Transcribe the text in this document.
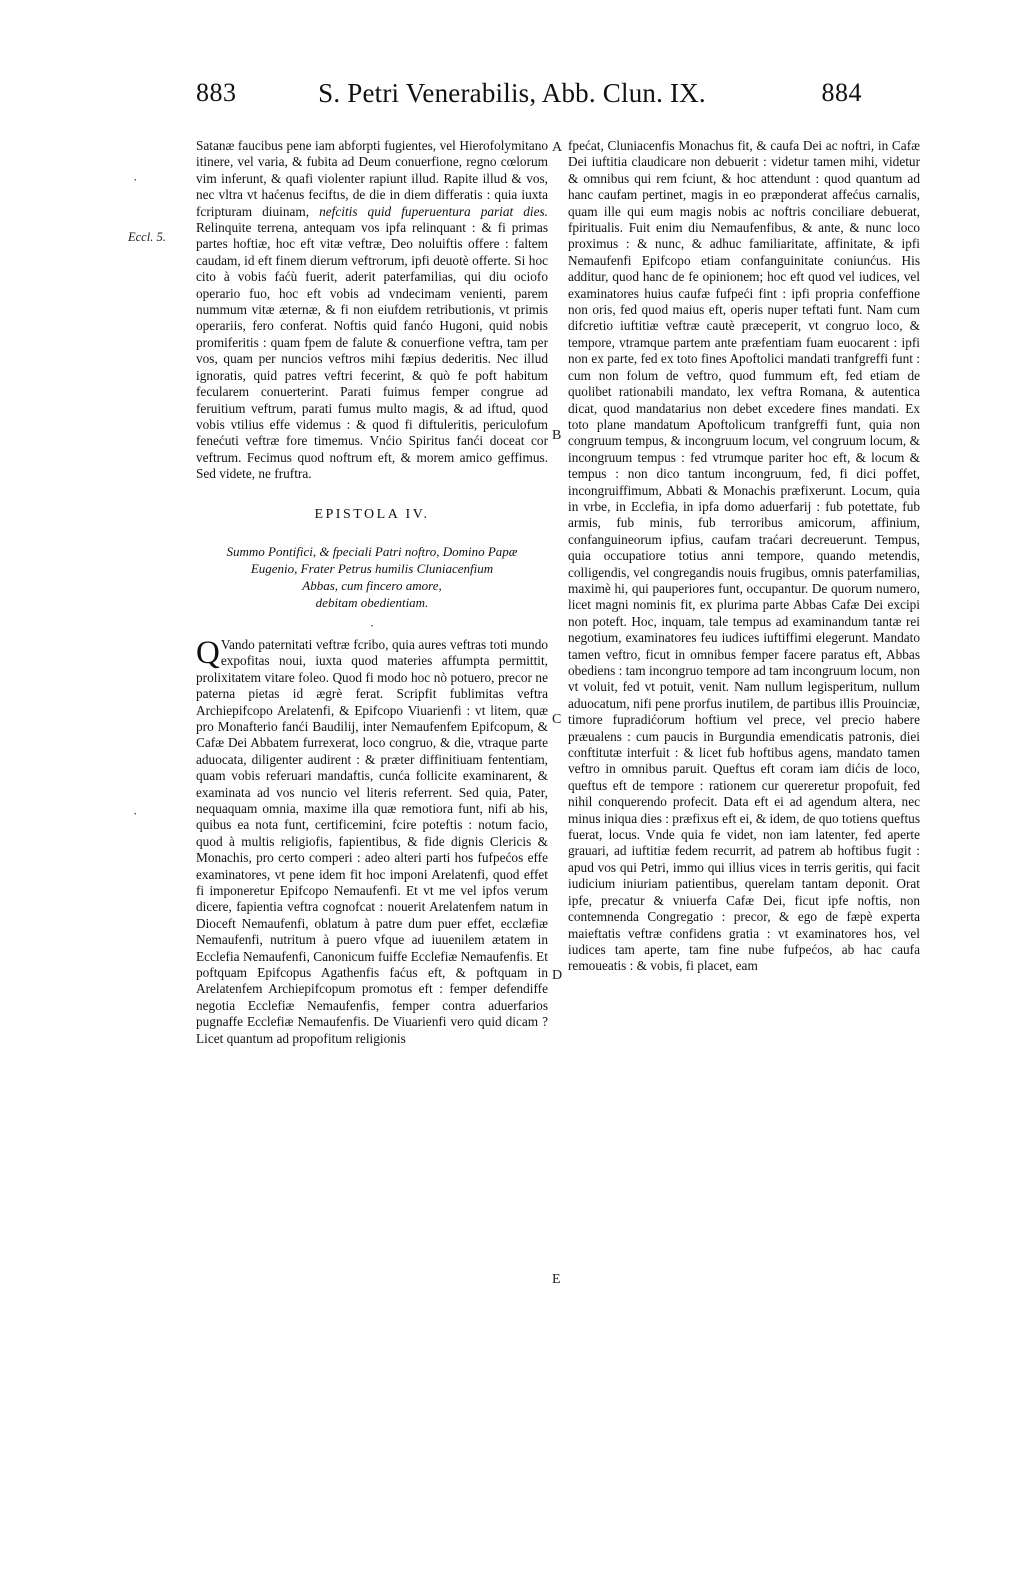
883	S. Petri Venerabilis, Abb. Clun. IX.	884
·
Eccl. 5.
·
A
B
C
D
E

Satanæ faucibus pene iam abforpti fugientes, vel Hierofolymitano itinere, vel varia, & fubita ad Deum conuerfione, regno cœlorum vim inferunt, & quafi violenter rapiunt illud. Rapite illud & vos, nec vltra vt haćenus feciftıs, de die in diem differatis : quia iuxta fcripturam diuinam, nefcitis quid fuperuentura pariat dies. Relinquite terrena, antequam vos ipfa relinquant : & fi primas partes hoftiæ, hoc eft vitæ veftræ, Deo noluiftis offere : faltem caudam, id eft finem dierum veftrorum, ipfi deuotè offerte. Si hoc cito à vobis faćù fuerit, aderit paterfamilias, qui diu ociofo operario fuo, hoc eft vobis ad vndecimam venienti, parem nummum vitæ æternæ, & fi non eiufdem retributionis, vt primis operariis, fero conferat. Noftis quid fanćo Hugoni, quid nobis promiferitis : quam fpem de falute & conuerfione veftra, tam per vos, quam per nuncios veftros mihi fæpius dederitis. Nec illud ignoratis, quid patres veftri fecerint, & quò fe poft habitum fecularem conuerterint. Parati fuimus femper congrue ad feruitium veftrum, parati fumus multo magis, & ad iftud, quod vobis vtilius effe videmus : & quod fi diftuleritis, periculofum fenećuti veftræ fore timemus. Vnćio Spiritus fanći doceat cor veftrum. Fecimus quod noftrum eft, & morem amico geffimus. Sed videte, ne fruftra.

EPISTOLA IV.
Summo Pontifici, & fpeciali Patri noftro, Domino Papæ
Eugenio, Frater Petrus humilis Cluniacenfium
Abbas, cum fincero amore,
debitam obedientiam.
·

Q Vando paternitati veftræ fcribo, quia aures veftras toti mundo expofitas noui, iuxta quod materies affumpta permittit, prolixitatem vitare foleo. Quod fi modo hoc nò potuero, precor ne paterna pietas id ægrè ferat. Scripfit fublimitas veftra Archiepifcopo Arelatenfi, & Epifcopo Viuarienfi : vt litem, quæ pro Monafterio fanći Baudilij, inter Nemaufenfem Epifcopum, & Cafæ Dei Abbatem furrexerat, loco congruo, & die, vtraque parte aduocata, diligenter audirent : & præter diffinitiuam fententiam, quam vobis referuari mandaftis, cunća follicite examinarent, & examinata ad vos nuncio vel literis referrent. Sed quia, Pater, nequaquam omnia, maxime illa quæ remotiora funt, nifi ab his, quibus ea nota funt, certificemini, fcire poteftis : notum facio, quod à multis religiofis, fapientibus, & fide dignis Clericis & Monachis, pro certo comperi : adeo alteri parti hos fufpećos effe examinatores, vt pene idem fit hoc imponi Arelatenfi, quod effet fi imponeretur Epifcopo Nemaufenfi. Et vt me vel ipfos verum dicere, fapientia veftra cognofcat : nouerit Arelatenfem natum in Dioceft Nemaufenfi, oblatum à patre dum puer effet, ecclæfiæ Nemaufenfi, nutritum à puero vfque ad iuuenilem ætatem in Ecclefia Nemaufenfi, Canonicum fuiffe Ecclefiæ Nemaufenfis. Et poftquam Epifcopus Agathenfis faćus eft, & poftquam in Arelatenfem Archiepifcopum promotus eft : femper defendiffe negotia Ecclefiæ Nemaufenfis, femper contra aduerfarios pugnaffe Ecclefiæ Nemaufenfis. De Viuarienfi vero quid dicam ? Licet quantum ad propofitum religionis

fpećat, Cluniacenfis Monachus fit, & caufa Dei ac noftri, in Cafæ Dei iuftitia claudicare non debuerit : videtur tamen mihi, videtur & omnibus qui rem fciunt, & hoc attendunt : quod quantum ad hanc caufam pertinet, magis in eo præponderat affećus carnalis, quam ille qui eum magis nobis ac noftris conciliare debuerat, fpiritualis. Fuit enim diu Nemaufenfibus, & ante, & nunc loco proximus : & nunc, & adhuc familiaritate, affinitate, & ipfi Nemaufenfi Epifcopo etiam confanguinitate coniunćus. His additur, quod hanc de fe opinionem; hoc eft quod vel iudices, vel examinatores huius caufæ fufpeći fint : ipfi propria confeffione non oris, fed quod maius eft, operis nuper teftati funt. Nam cum difcretio iuftitiæ veftræ cautè præceperit, vt congruo loco, & tempore, vtramque partem ante præfentiam fuam euocarent : ipfi non ex parte, fed ex toto fines Apoftolici mandati tranfgreffi funt : cum non folum de veftro, quod fummum eft, fed etiam de quolibet rationabili mandato, lex veftra Romana, & autentica dicat, quod mandatarius non debet excedere fines mandati. Ex toto plane mandatum Apoftolicum tranfgreffi funt, quia non congruum tempus, & incongruum locum, vel congruum locum, & incongruum tempus : fed vtrumque pariter hoc eft, & locum & tempus : non dico tantum incongruum, fed, fi dici poffet, incongruiffimum, Abbati & Monachis præfixerunt. Locum, quia in vrbe, in Ecclefia, in ipfa domo aduerfarij : fub potettate, fub armis, fub minis, fub terroribus amicorum, affinium, confanguineorum ipfius, caufam traćari decreuerunt. Tempus, quia occupatiore totius anni tempore, quando metendis, colligendis, vel congregandis nouis frugibus, omnis paterfamilias, maximè hi, qui pauperiores funt, occupantur. De quorum numero, licet magni nominis fit, ex plurima parte Abbas Cafæ Dei excipi non poteft. Hoc, inquam, tale tempus ad examinandum tantæ rei negotium, examinatores feu iudices iuftiffimi elegerunt. Mandato tamen veftro, ficut in omnibus femper facere paratus eft, Abbas obediens : tam incongruo tempore ad tam incongruum locum, non vt voluit, fed vt potuit, venit. Nam nullum legisperitum, nullum aduocatum, nifi pene prorfus inutilem, de partibus illis Prouinciæ, timore fupradićorum hoftium vel prece, vel precio habere præualens : cum paucis in Burgundia emendicatis patronis, diei conftitutæ interfuit : & licet fub hoftibus agens, mandato tamen veftro in omnibus paruit. Queftus eft coram iam dićis de loco, queftus eft de tempore : rationem cur quereretur propofuit, fed nihil conquerendo profecit. Data eft ei ad agendum altera, nec minus iniqua dies : præfixus eft ei, & idem, de quo totiens queftus fuerat, locus. Vnde quia fe videt, non iam latenter, fed aperte grauari, ad iuftitiæ fedem recurrit, ad patrem ab hoftibus fugit : apud vos qui Petri, immo qui illius vices in terris geritis, qui facit iudicium iniuriam patientibus, querelam tantam deponit. Orat ipfe, precatur & vniuerfa Cafæ Dei, ficut ipfe noftis, non contemnenda Congregatio : precor, & ego de fæpè experta maieftatis veftræ confidens gratia : vt examinatores hos, vel iudices tam aperte, tam fine nube fufpećos, ab hac caufa remoueatis : & vobis, fi placet, eam
